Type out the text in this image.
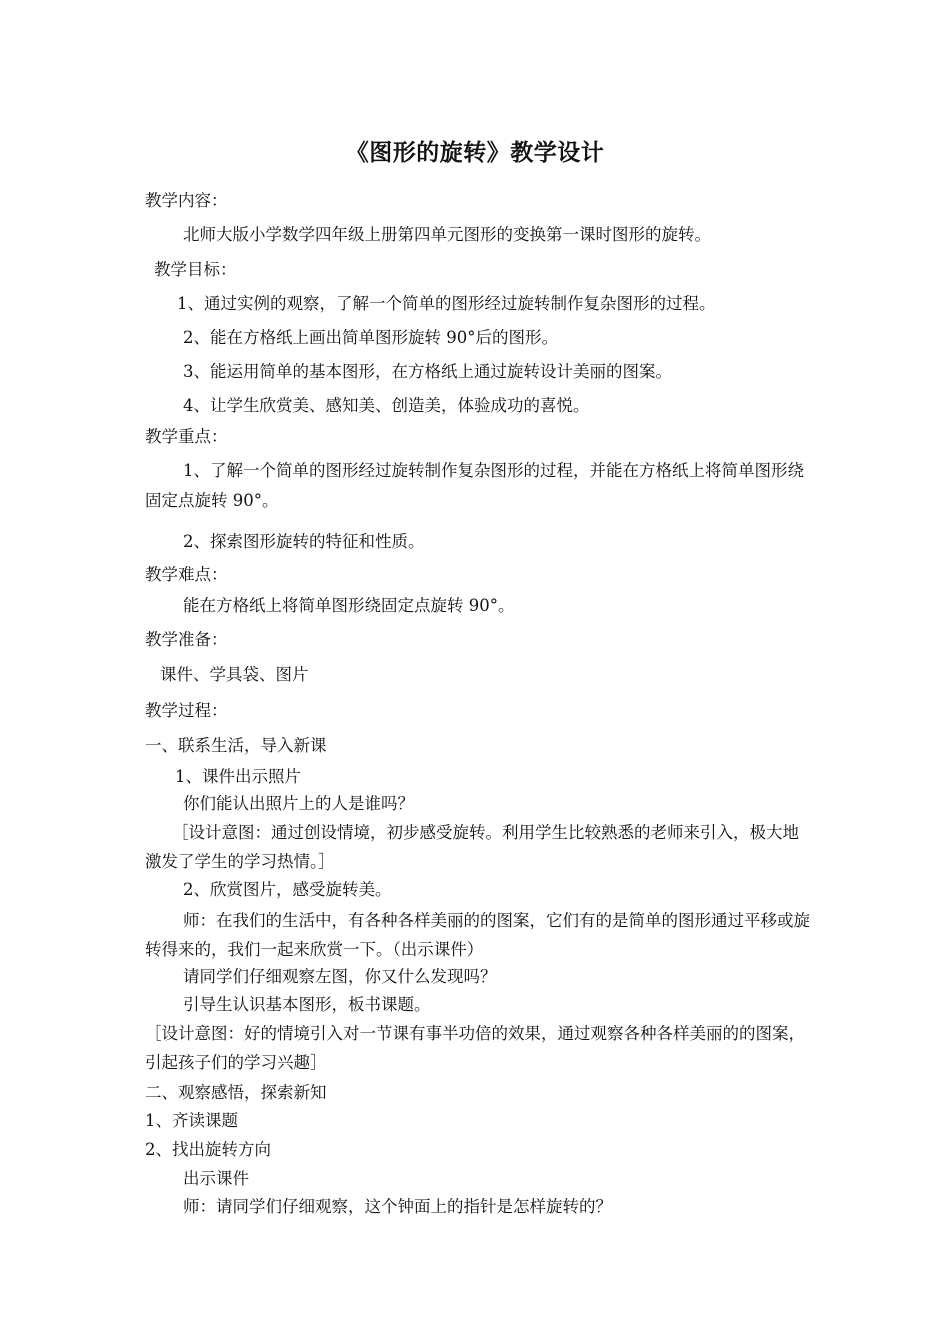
《图形的旋转》教学设计
教学内容：
北师大版小学数学四年级上册第四单元图形的变换第一课时图形的旋转。
教学目标：
1、通过实例的观察，了解一个简单的图形经过旋转制作复杂图形的过程。
2、能在方格纸上画出简单图形旋转 90°后的图形。
3、能运用简单的基本图形，在方格纸上通过旋转设计美丽的图案。
4、让学生欣赏美、感知美、创造美，体验成功的喜悦。
教学重点：
1、了解一个简单的图形经过旋转制作复杂图形的过程，并能在方格纸上将简单图形绕固定点旋转 90°。
2、探索图形旋转的特征和性质。
教学难点：
能在方格纸上将简单图形绕固定点旋转 90°。
教学准备：
课件、学具袋、图片
教学过程：
一、联系生活，导入新课
1、课件出示照片
你们能认出照片上的人是谁吗？
［设计意图：通过创设情境，初步感受旋转。利用学生比较熟悉的老师来引入，极大地激发了学生的学习热情。］
2、欣赏图片，感受旋转美。
师：在我们的生活中，有各种各样美丽的的图案，它们有的是简单的图形通过平移或旋转得来的，我们一起来欣赏一下。（出示课件）
请同学们仔细观察左图，你又什么发现吗？
引导生认识基本图形，板书课题。
［设计意图：好的情境引入对一节课有事半功倍的效果，通过观察各种各样美丽的的图案，引起孩子们的学习兴趣］
二、观察感悟，探索新知
1、齐读课题
2、找出旋转方向
出示课件
师：请同学们仔细观察，这个钟面上的指针是怎样旋转的？
